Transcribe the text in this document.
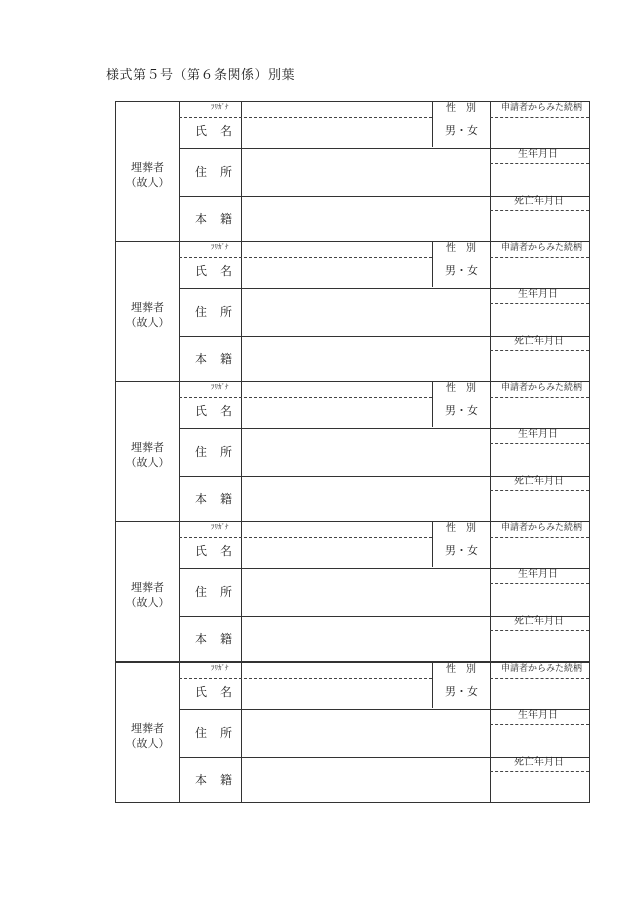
様式第５号（第６条関係）別葉
埋葬者
（故人）
ﾌﾘｶﾞﾅ
氏名
住所
本籍
性別
男・女
申請者からみた続柄
生年月日
死亡年月日
埋葬者
（故人）
ﾌﾘｶﾞﾅ
氏名
住所
本籍
性別
男・女
申請者からみた続柄
生年月日
死亡年月日
埋葬者
（故人）
ﾌﾘｶﾞﾅ
氏名
住所
本籍
性別
男・女
申請者からみた続柄
生年月日
死亡年月日
埋葬者
（故人）
ﾌﾘｶﾞﾅ
氏名
住所
本籍
性別
男・女
申請者からみた続柄
生年月日
死亡年月日
埋葬者
（故人）
ﾌﾘｶﾞﾅ
氏名
住所
本籍
性別
男・女
申請者からみた続柄
生年月日
死亡年月日
